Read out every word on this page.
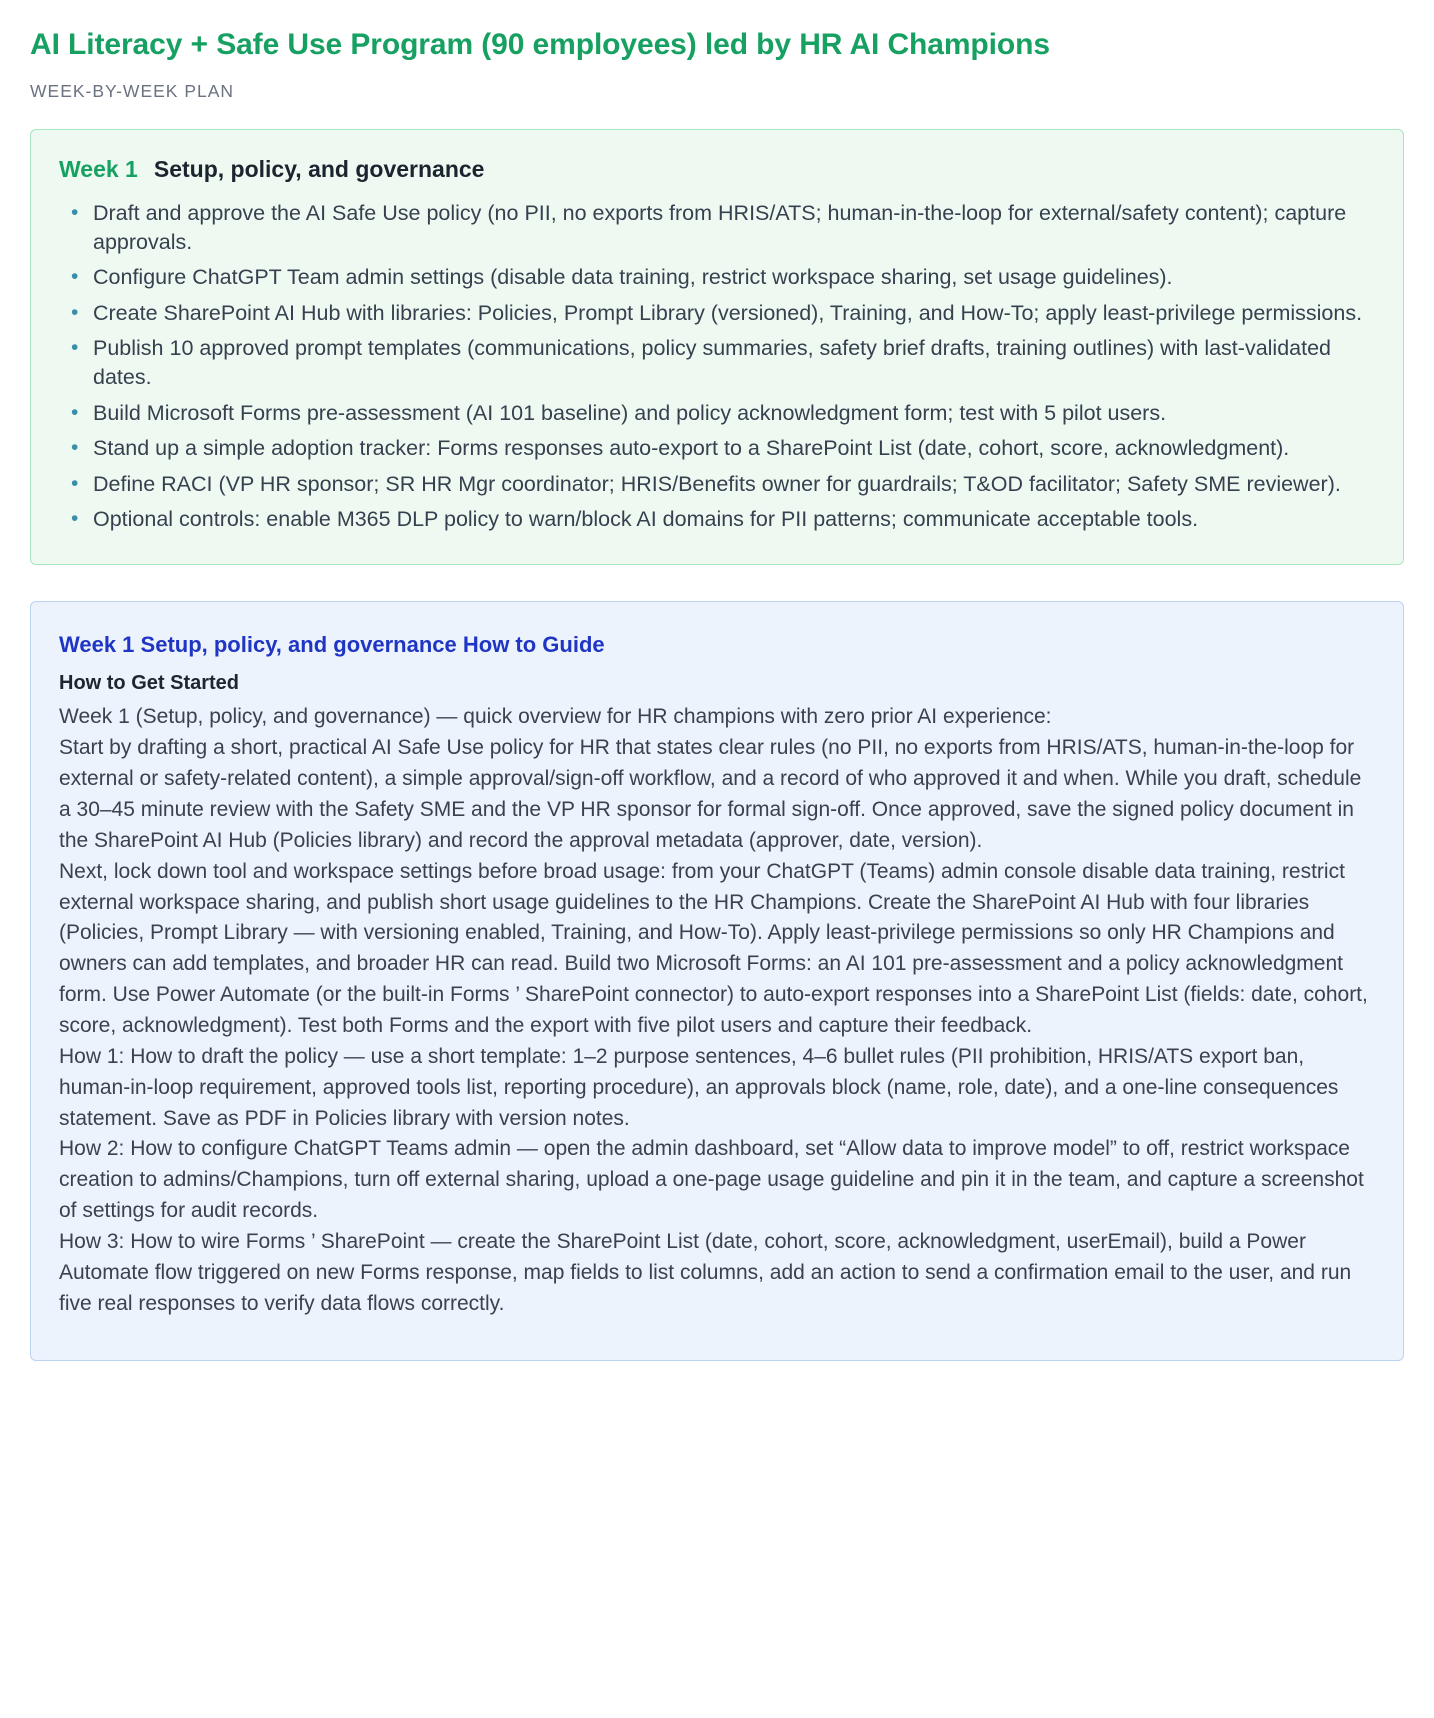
AI Literacy + Safe Use Program (90 employees) led by HR AI Champions
WEEK-BY-WEEK PLAN
Week 1 Setup, policy, and governance
• Draft and approve the AI Safe Use policy (no PII, no exports from HRIS/ATS; human-in-the-loop for external/safety content); capture approvals.
• Configure ChatGPT Team admin settings (disable data training, restrict workspace sharing, set usage guidelines).
• Create SharePoint AI Hub with libraries: Policies, Prompt Library (versioned), Training, and How-To; apply least-privilege permissions.
• Publish 10 approved prompt templates (communications, policy summaries, safety brief drafts, training outlines) with last-validated dates.
• Build Microsoft Forms pre-assessment (AI 101 baseline) and policy acknowledgment form; test with 5 pilot users.
• Stand up a simple adoption tracker: Forms responses auto-export to a SharePoint List (date, cohort, score, acknowledgment).
• Define RACI (VP HR sponsor; SR HR Mgr coordinator; HRIS/Benefits owner for guardrails; T&OD facilitator; Safety SME reviewer).
• Optional controls: enable M365 DLP policy to warn/block AI domains for PII patterns; communicate acceptable tools.
Week 1 Setup, policy, and governance How to Guide
How to Get Started

Week 1 (Setup, policy, and governance) — quick overview for HR champions with zero prior AI experience:

Start by drafting a short, practical AI Safe Use policy for HR that states clear rules (no PII, no exports from HRIS/ATS, human-in-the-loop for external or safety-related content), a simple approval/sign-off workflow, and a record of who approved it and when. While you draft, schedule a 30–45 minute review with the Safety SME and the VP HR sponsor for formal sign-off. Once approved, save the signed policy document in the SharePoint AI Hub (Policies library) and record the approval metadata (approver, date, version).

Next, lock down tool and workspace settings before broad usage: from your ChatGPT (Teams) admin console disable data training, restrict external workspace sharing, and publish short usage guidelines to the HR Champions. Create the SharePoint AI Hub with four libraries (Policies, Prompt Library — with versioning enabled, Training, and How-To). Apply least-privilege permissions so only HR Champions and owners can add templates, and broader HR can read. Build two Microsoft Forms: an AI 101 pre-assessment and a policy acknowledgment form. Use Power Automate (or the built-in Forms ’ SharePoint connector) to auto-export responses into a SharePoint List (fields: date, cohort, score, acknowledgment). Test both Forms and the export with five pilot users and capture their feedback.

How 1: How to draft the policy — use a short template: 1–2 purpose sentences, 4–6 bullet rules (PII prohibition, HRIS/ATS export ban, human-in-loop requirement, approved tools list, reporting procedure), an approvals block (name, role, date), and a one-line consequences statement. Save as PDF in Policies library with version notes.

How 2: How to configure ChatGPT Teams admin — open the admin dashboard, set “Allow data to improve model” to off, restrict workspace creation to admins/Champions, turn off external sharing, upload a one-page usage guideline and pin it in the team, and capture a screenshot of settings for audit records.

How 3: How to wire Forms ’ SharePoint — create the SharePoint List (date, cohort, score, acknowledgment, userEmail), build a Power Automate flow triggered on new Forms response, map fields to list columns, add an action to send a confirmation email to the user, and run five real responses to verify data flows correctly.
